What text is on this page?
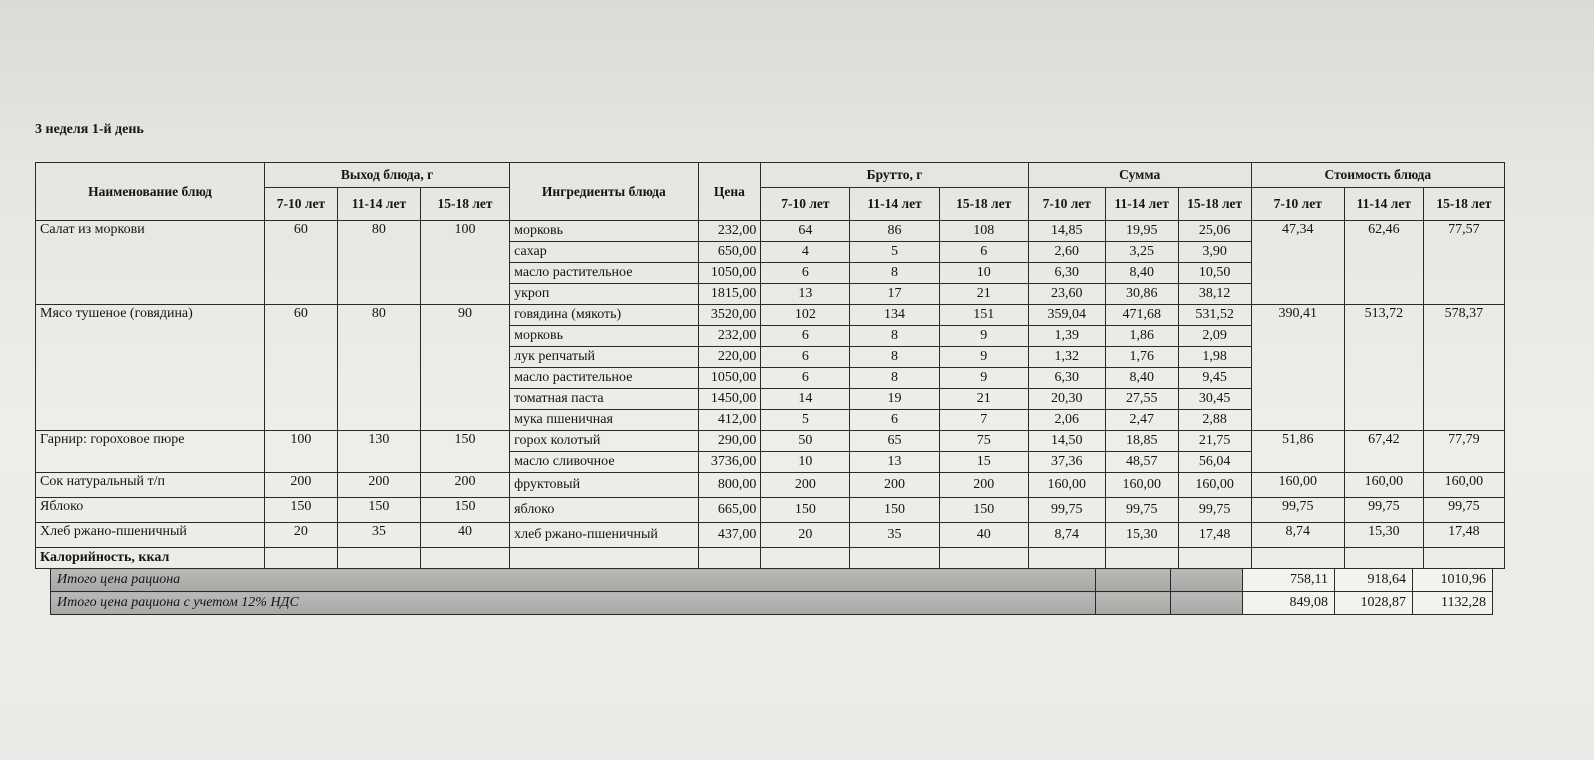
3 неделя 1-й день
Наименование блюд	Выход блюда, г			Ингредиенты блюда	Цена	Брутто, г			Сумма			Стоимость блюда		
	7-10 лет	11-14 лет	15-18 лет			7-10 лет	11-14 лет	15-18 лет	7-10 лет	11-14 лет	15-18 лет	7-10 лет	11-14 лет	15-18 лет
Салат из моркови	60	80	100	морковь	232,00	64	86	108	14,85	19,95	25,06	47,34	62,46	77,57
				сахар	650,00	4	5	6	2,60	3,25	3,90			
				масло растительное	1050,00	6	8	10	6,30	8,40	10,50			
				укроп	1815,00	13	17	21	23,60	30,86	38,12			
Мясо тушеное (говядина)	60	80	90	говядина (мякоть)	3520,00	102	134	151	359,04	471,68	531,52	390,41	513,72	578,37
				морковь	232,00	6	8	9	1,39	1,86	2,09			
				лук репчатый	220,00	6	8	9	1,32	1,76	1,98			
				масло растительное	1050,00	6	8	9	6,30	8,40	9,45			
				томатная паста	1450,00	14	19	21	20,30	27,55	30,45			
				мука пшеничная	412,00	5	6	7	2,06	2,47	2,88			
Гарнир: гороховое пюре	100	130	150	горох колотый	290,00	50	65	75	14,50	18,85	21,75	51,86	67,42	77,79
				масло сливочное	3736,00	10	13	15	37,36	48,57	56,04			
Сок натуральный т/п	200	200	200	фруктовый	800,00	200	200	200	160,00	160,00	160,00	160,00	160,00	160,00
Яблоко	150	150	150	яблоко	665,00	150	150	150	99,75	99,75	99,75	99,75	99,75	99,75
Хлеб ржано-пшеничный	20	35	40	хлеб ржано-пшеничный	437,00	20	35	40	8,74	15,30	17,48	8,74	15,30	17,48
Калорийность, ккал														
Итого цена рациона			758,11	918,64	1010,96
Итого цена рациона с учетом 12% НДС			849,08	1028,87	1132,28
